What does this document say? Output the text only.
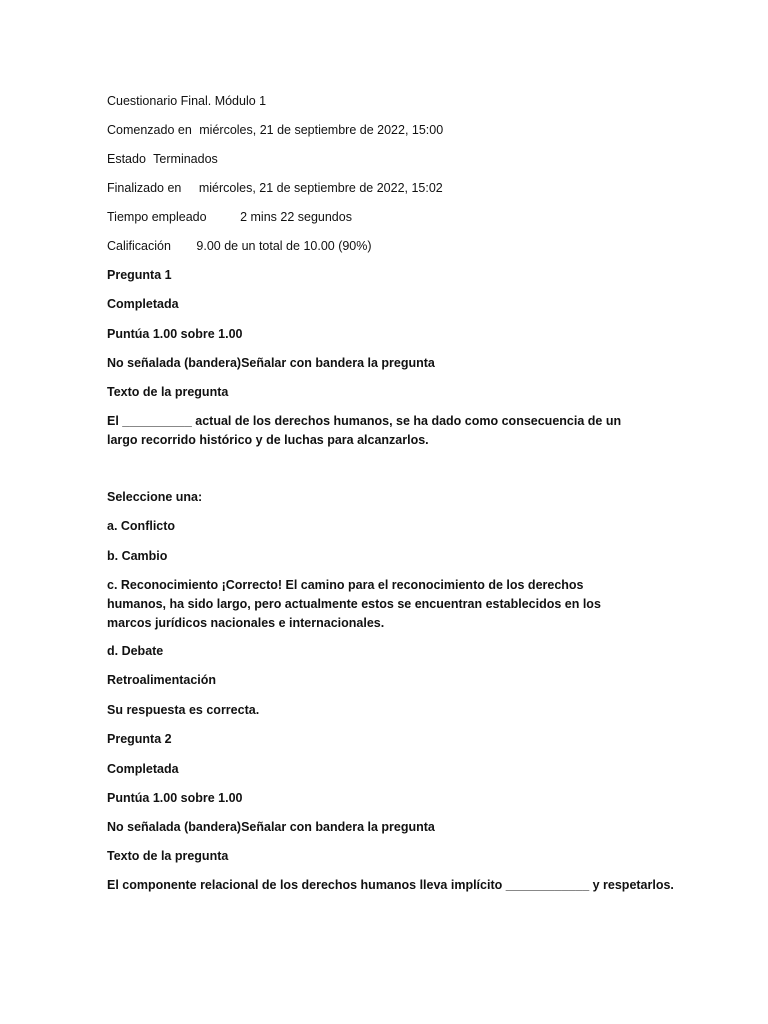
Cuestionario Final. Módulo 1
Comenzado en miércoles, 21 de septiembre de 2022, 15:00
Estado Terminados
Finalizado en miércoles, 21 de septiembre de 2022, 15:02
Tiempo empleado	2 mins 22 segundos
Calificación 9.00 de un total de 10.00 (90%)
Pregunta 1
Completada
Puntúa 1.00 sobre 1.00
No señalada (bandera)Señalar con bandera la pregunta
Texto de la pregunta
El __________ actual de los derechos humanos, se ha dado como consecuencia de un largo recorrido histórico y de luchas para alcanzarlos.
Seleccione una:
a. Conflicto
b. Cambio
c. Reconocimiento ¡Correcto! El camino para el reconocimiento de los derechos humanos, ha sido largo, pero actualmente estos se encuentran establecidos en los marcos jurídicos nacionales e internacionales.
d. Debate
Retroalimentación
Su respuesta es correcta.
Pregunta 2
Completada
Puntúa 1.00 sobre 1.00
No señalada (bandera)Señalar con bandera la pregunta
Texto de la pregunta
El componente relacional de los derechos humanos lleva implícito ____________ y respetarlos.
